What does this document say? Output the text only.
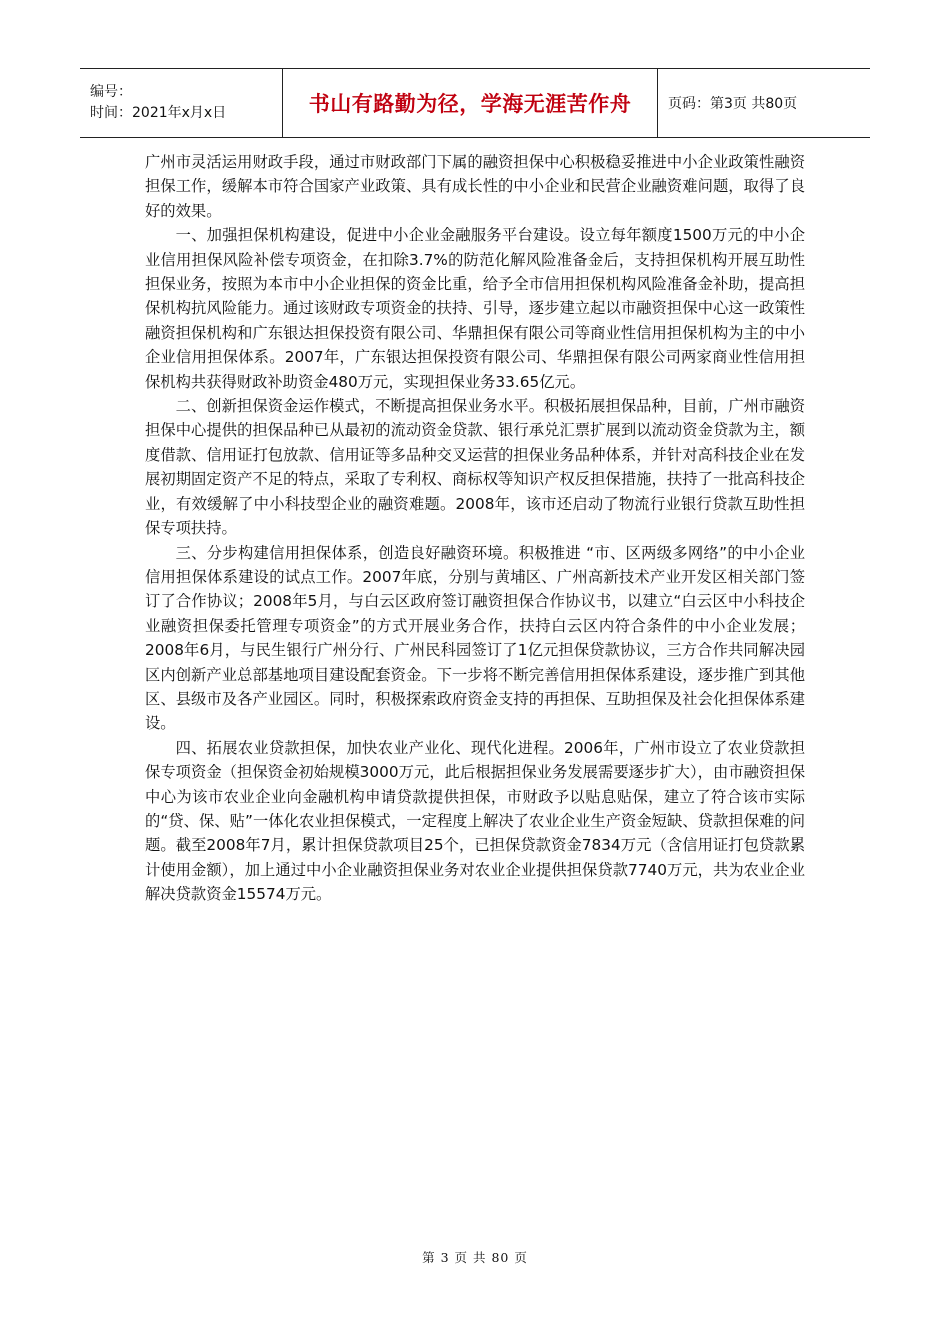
编号：
时间：2021年x月x日	书山有路勤为径，学海无涯苦作舟	页码：第3页 共80页

广州市灵活运用财政手段，通过市财政部门下属的融资担保中心积极稳妥推进中小企业政策性融资担保工作，缓解本市符合国家产业政策、具有成长性的中小企业和民营企业融资难问题，取得了良好的效果。

一、加强担保机构建设，促进中小企业金融服务平台建设。设立每年额度1500万元的中小企业信用担保风险补偿专项资金，在扣除3.7%的防范化解风险准备金后，支持担保机构开展互助性担保业务，按照为本市中小企业担保的资金比重，给予全市信用担保机构风险准备金补助，提高担保机构抗风险能力。通过该财政专项资金的扶持、引导，逐步建立起以市融资担保中心这一政策性融资担保机构和广东银达担保投资有限公司、华鼎担保有限公司等商业性信用担保机构为主的中小企业信用担保体系。2007年，广东银达担保投资有限公司、华鼎担保有限公司两家商业性信用担保机构共获得财政补助资金480万元，实现担保业务33.65亿元。

二、创新担保资金运作模式，不断提高担保业务水平。积极拓展担保品种，目前，广州市融资担保中心提供的担保品种已从最初的流动资金贷款、银行承兑汇票扩展到以流动资金贷款为主，额度借款、信用证打包放款、信用证等多品种交叉运营的担保业务品种体系，并针对高科技企业在发展初期固定资产不足的特点，采取了专利权、商标权等知识产权反担保措施，扶持了一批高科技企业，有效缓解了中小科技型企业的融资难题。2008年，该市还启动了物流行业银行贷款互助性担保专项扶持。

三、分步构建信用担保体系，创造良好融资环境。积极推进 “市、区两级多网络”的中小企业信用担保体系建设的试点工作。2007年底，分别与黄埔区、广州高新技术产业开发区相关部门签订了合作协议；2008年5月，与白云区政府签订融资担保合作协议书，以建立“白云区中小科技企业融资担保委托管理专项资金”的方式开展业务合作，扶持白云区内符合条件的中小企业发展；2008年6月，与民生银行广州分行、广州民科园签订了1亿元担保贷款协议，三方合作共同解决园区内创新产业总部基地项目建设配套资金。下一步将不断完善信用担保体系建设，逐步推广到其他区、县级市及各产业园区。同时，积极探索政府资金支持的再担保、互助担保及社会化担保体系建设。

四、拓展农业贷款担保，加快农业产业化、现代化进程。2006年，广州市设立了农业贷款担保专项资金（担保资金初始规模3000万元，此后根据担保业务发展需要逐步扩大），由市融资担保中心为该市农业企业向金融机构申请贷款提供担保，市财政予以贴息贴保，建立了符合该市实际的“贷、保、贴”一体化农业担保模式，一定程度上解决了农业企业生产资金短缺、贷款担保难的问题。截至2008年7月，累计担保贷款项目25个，已担保贷款资金7834万元（含信用证打包贷款累计使用金额），加上通过中小企业融资担保业务对农业企业提供担保贷款7740万元，共为农业企业解决贷款资金15574万元。

第 3 页 共 80 页
